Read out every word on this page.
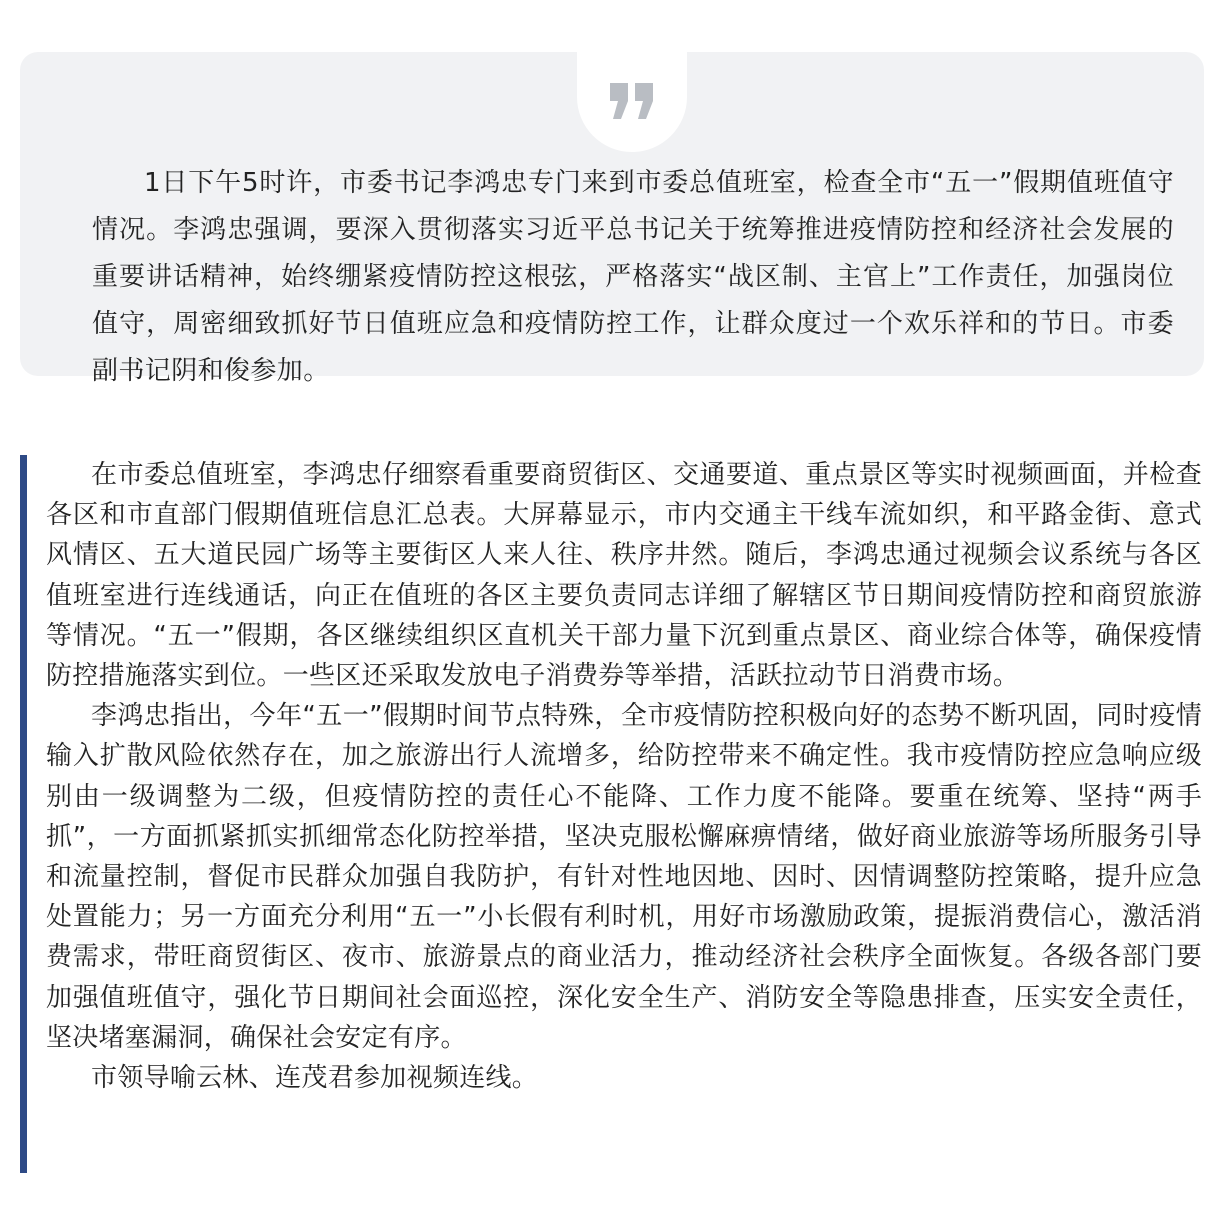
1日下午5时许，市委书记李鸿忠专门来到市委总值班室，检查全市“五一”假期值班值守情况。李鸿忠强调，要深入贯彻落实习近平总书记关于统筹推进疫情防控和经济社会发展的重要讲话精神，始终绷紧疫情防控这根弦，严格落实“战区制、主官上”工作责任，加强岗位值守，周密细致抓好节日值班应急和疫情防控工作，让群众度过一个欢乐祥和的节日。市委副书记阴和俊参加。

在市委总值班室，李鸿忠仔细察看重要商贸街区、交通要道、重点景区等实时视频画面，并检查各区和市直部门假期值班信息汇总表。大屏幕显示，市内交通主干线车流如织，和平路金街、意式风情区、五大道民园广场等主要街区人来人往、秩序井然。随后，李鸿忠通过视频会议系统与各区值班室进行连线通话，向正在值班的各区主要负责同志详细了解辖区节日期间疫情防控和商贸旅游等情况。“五一”假期，各区继续组织区直机关干部力量下沉到重点景区、商业综合体等，确保疫情防控措施落实到位。一些区还采取发放电子消费券等举措，活跃拉动节日消费市场。

李鸿忠指出，今年“五一”假期时间节点特殊，全市疫情防控积极向好的态势不断巩固，同时疫情输入扩散风险依然存在，加之旅游出行人流增多，给防控带来不确定性。我市疫情防控应急响应级别由一级调整为二级，但疫情防控的责任心不能降、工作力度不能降。要重在统筹、坚持“两手抓”，一方面抓紧抓实抓细常态化防控举措，坚决克服松懈麻痹情绪，做好商业旅游等场所服务引导和流量控制，督促市民群众加强自我防护，有针对性地因地、因时、因情调整防控策略，提升应急处置能力；另一方面充分利用“五一”小长假有利时机，用好市场激励政策，提振消费信心，激活消费需求，带旺商贸街区、夜市、旅游景点的商业活力，推动经济社会秩序全面恢复。各级各部门要加强值班值守，强化节日期间社会面巡控，深化安全生产、消防安全等隐患排查，压实安全责任，坚决堵塞漏洞，确保社会安定有序。

市领导喻云林、连茂君参加视频连线。
